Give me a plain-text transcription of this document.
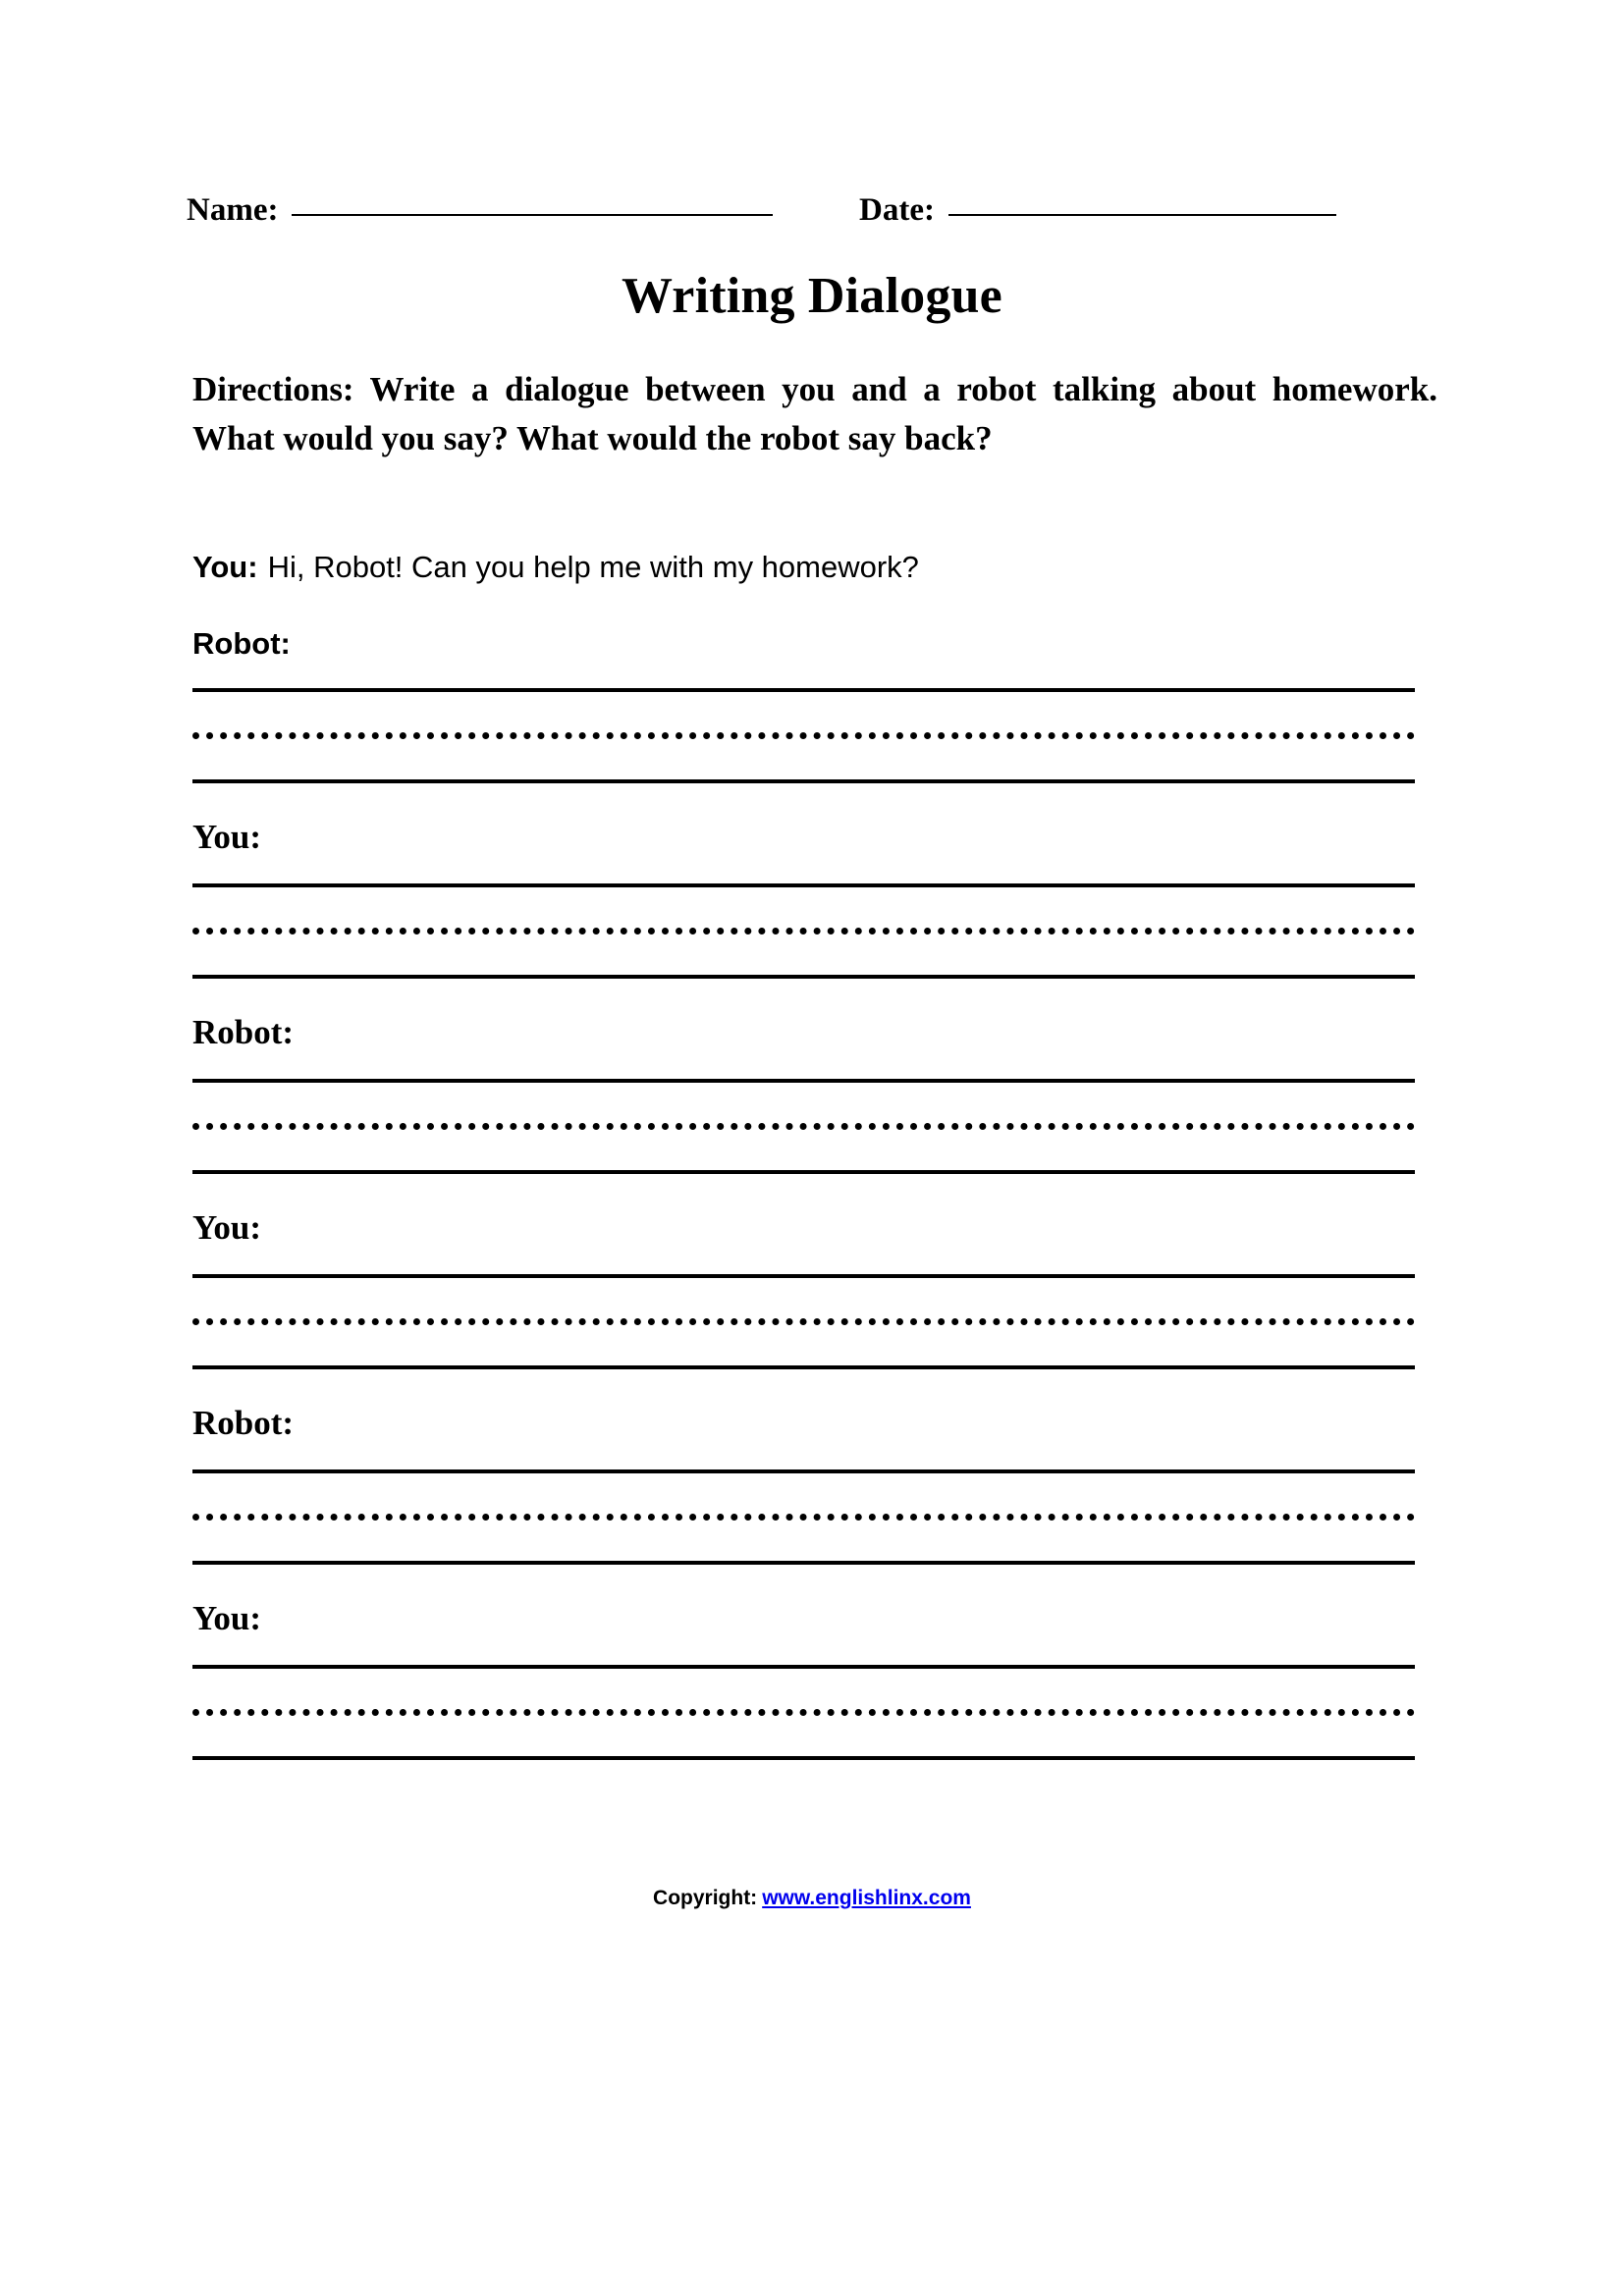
Name:	Date:
Writing Dialogue
Directions: Write a dialogue between you and a robot talking about homework. What would you say? What would the robot say back?
You: Hi, Robot! Can you help me with my homework?
Robot:
You:
Robot:
You:
Robot:
You:
Copyright: www.englishlinx.com
